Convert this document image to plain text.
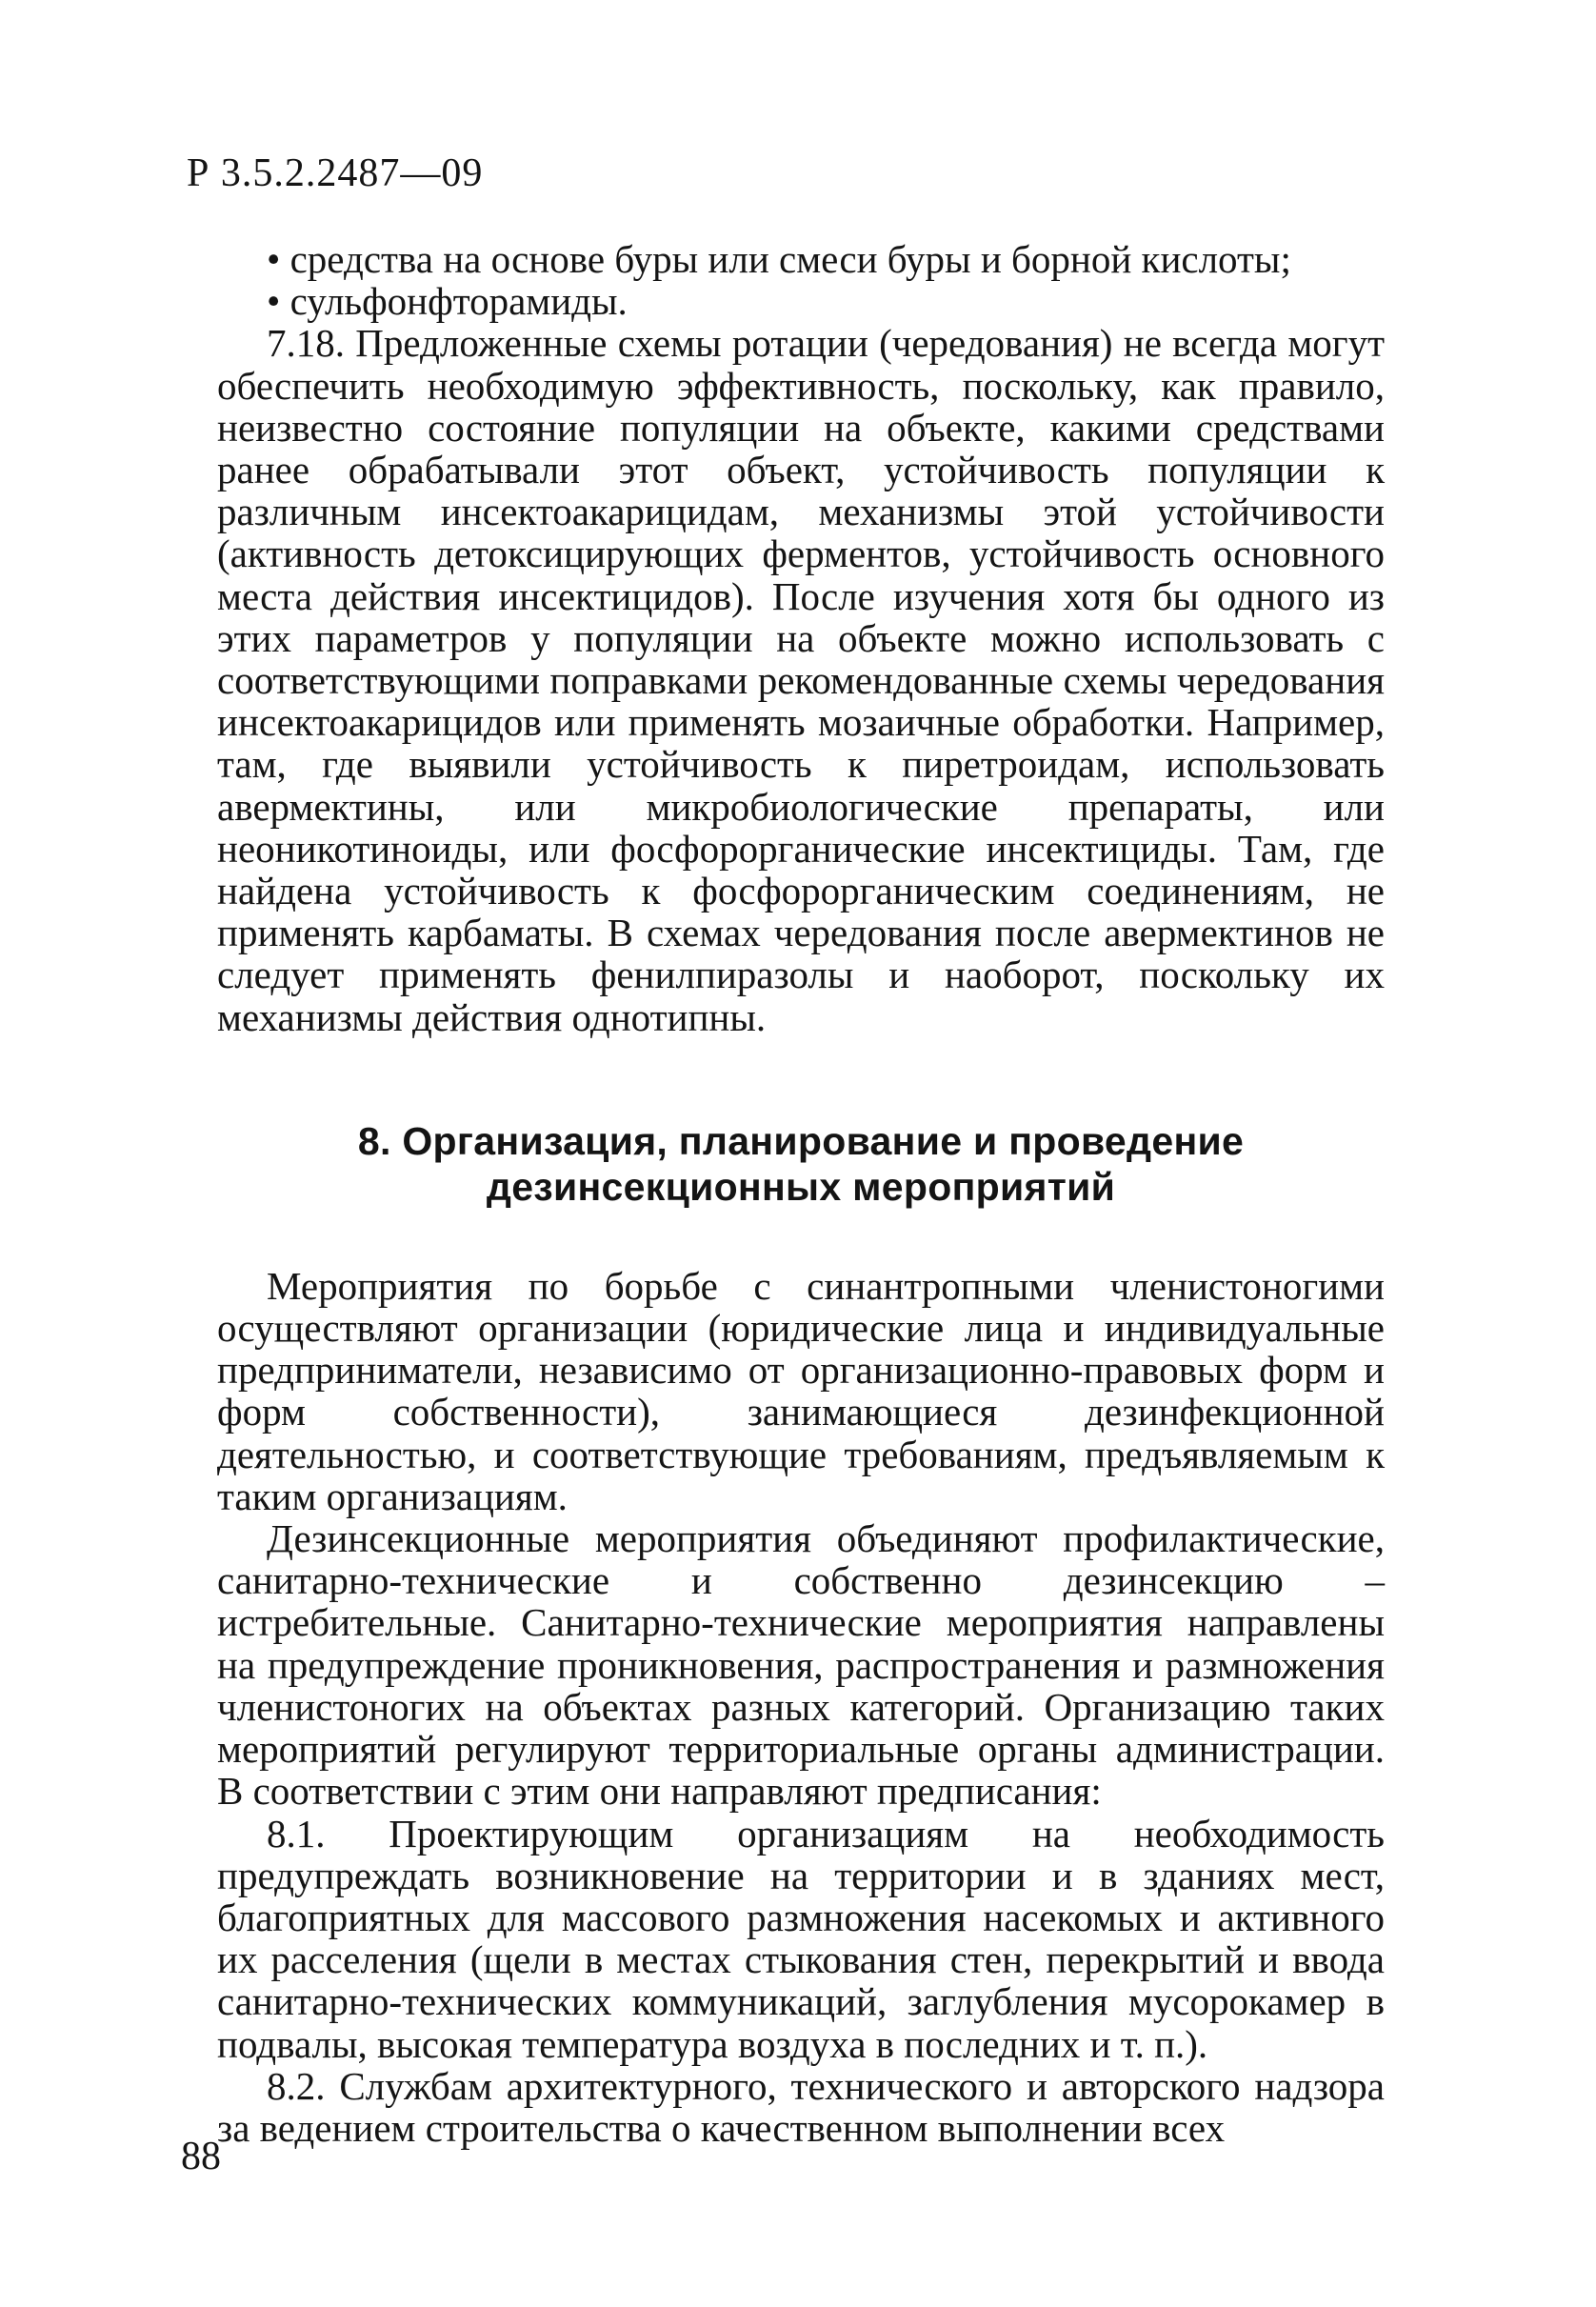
Р 3.5.2.2487—09

• средства на основе буры или смеси буры и борной кислоты;

• сульфонфторамиды.

7.18. Предложенные схемы ротации (чередования) не всегда могут обеспечить необходимую эффективность, поскольку, как правило, неизвестно состояние популяции на объекте, какими средствами ранее обрабатывали этот объект, устойчивость популяции к различным инсектоакарицидам, механизмы этой устойчивости (активность детоксицирующих ферментов, устойчивость основного места действия инсектицидов). После изучения хотя бы одного из этих параметров у популяции на объекте можно использовать с соответствующими поправками рекомендованные схемы чередования инсектоакарицидов или применять мозаичные обработки. Например, там, где выявили устойчивость к пиретроидам, использовать авермектины, или микробиологические препараты, или неоникотиноиды, или фосфорорганические инсектициды. Там, где найдена устойчивость к фосфорорганическим соединениям, не применять карбаматы. В схемах чередования после авермектинов не следует применять фенилпиразолы и наоборот, поскольку их механизмы действия однотипны.

8. Организация, планирование и проведение
дезинсекционных мероприятий

Мероприятия по борьбе с синантропными членистоногими осуществляют организации (юридические лица и индивидуальные предприниматели, независимо от организационно-правовых форм и форм собственности), занимающиеся дезинфекционной деятельностью, и соответствующие требованиям, предъявляемым к таким организациям.

Дезинсекционные мероприятия объединяют профилактические, санитарно-технические и собственно дезинсекцию – истребительные. Санитарно-технические мероприятия направлены на предупреждение проникновения, распространения и размножения членистоногих на объектах разных категорий. Организацию таких мероприятий регулируют территориальные органы администрации. В соответствии с этим они направляют предписания:

8.1. Проектирующим организациям на необходимость предупреждать возникновение на территории и в зданиях мест, благоприятных для массового размножения насекомых и активного их расселения (щели в местах стыкования стен, перекрытий и ввода санитарно-технических коммуникаций, заглубления мусорокамер в подвалы, высокая температура воздуха в последних и т. п.).

8.2. Службам архитектурного, технического и авторского надзора за ведением строительства о качественном выполнении всех

88
